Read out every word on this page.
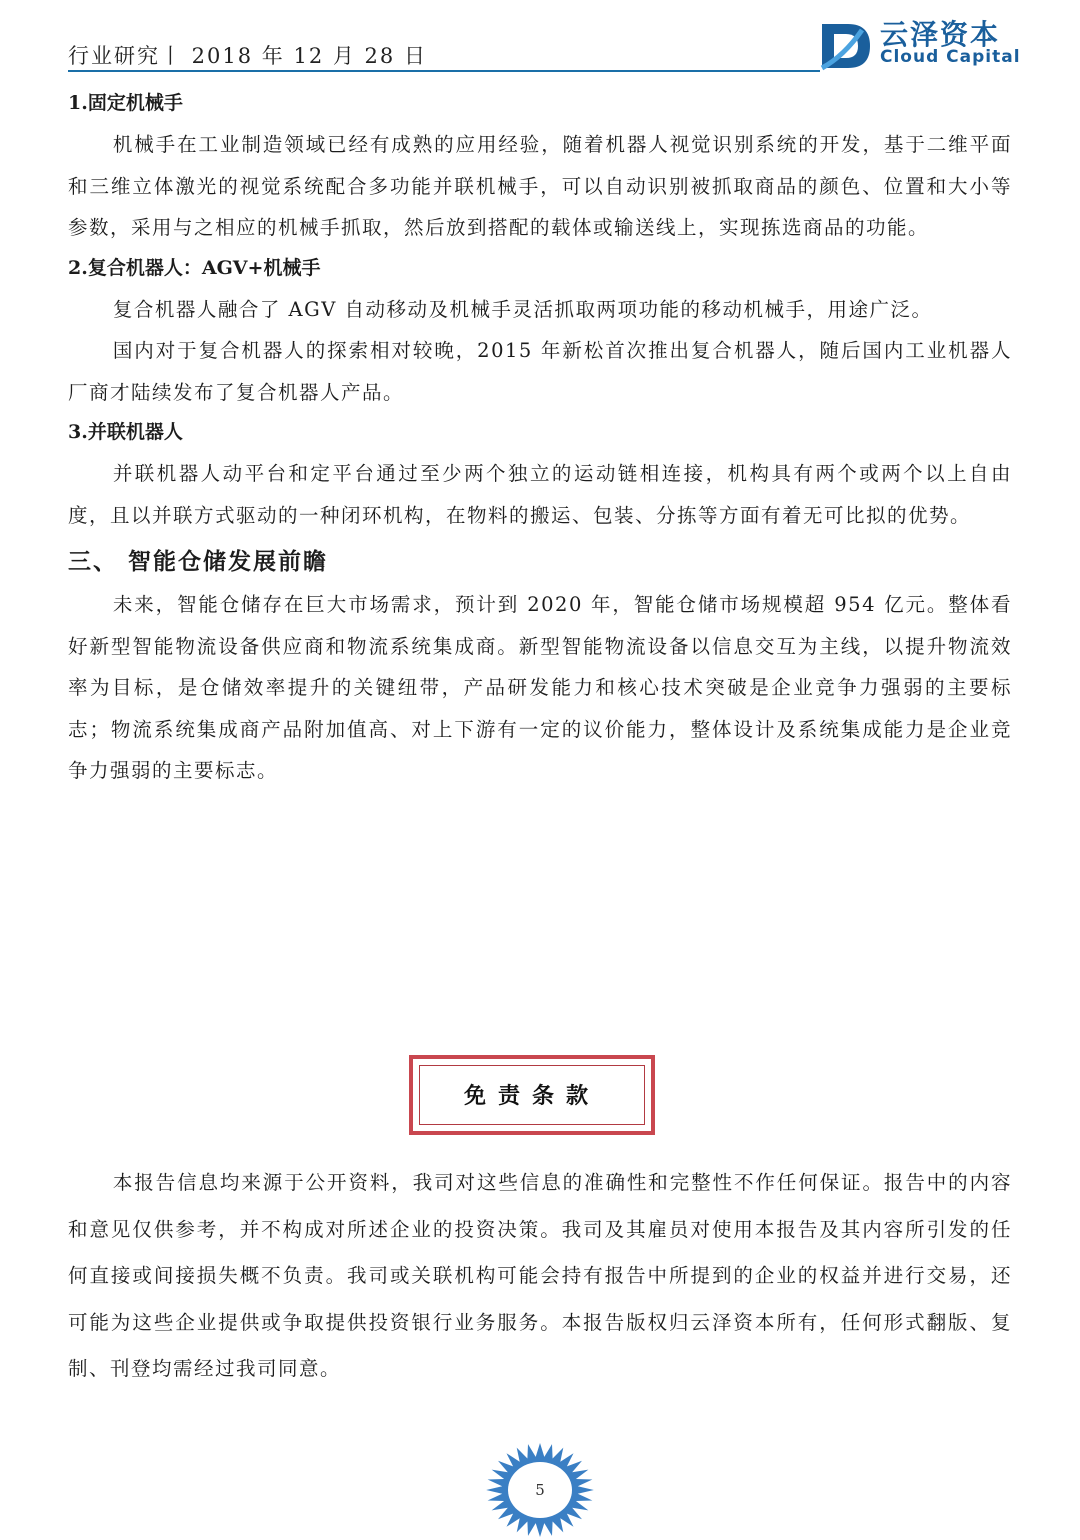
行业研究丨 2018 年 12 月 28 日
云泽资本
Cloud Capital

1.固定机械手

机械手在工业制造领域已经有成熟的应用经验，随着机器人视觉识别系统的开发，基于二维平面和三维立体激光的视觉系统配合多功能并联机械手，可以自动识别被抓取商品的颜色、位置和大小等参数，采用与之相应的机械手抓取，然后放到搭配的载体或输送线上，实现拣选商品的功能。

2.复合机器人：AGV+机械手

复合机器人融合了 AGV 自动移动及机械手灵活抓取两项功能的移动机械手，用途广泛。

国内对于复合机器人的探索相对较晚，2015 年新松首次推出复合机器人，随后国内工业机器人厂商才陆续发布了复合机器人产品。

3.并联机器人

并联机器人动平台和定平台通过至少两个独立的运动链相连接，机构具有两个或两个以上自由度，且以并联方式驱动的一种闭环机构，在物料的搬运、包装、分拣等方面有着无可比拟的优势。

三、 智能仓储发展前瞻

未来，智能仓储存在巨大市场需求，预计到 2020 年，智能仓储市场规模超 954 亿元。整体看好新型智能物流设备供应商和物流系统集成商。新型智能物流设备以信息交互为主线，以提升物流效率为目标，是仓储效率提升的关键纽带，产品研发能力和核心技术突破是企业竞争力强弱的主要标志；物流系统集成商产品附加值高、对上下游有一定的议价能力，整体设计及系统集成能力是企业竞争力强弱的主要标志。

免责条款

本报告信息均来源于公开资料，我司对这些信息的准确性和完整性不作任何保证。报告中的内容和意见仅供参考，并不构成对所述企业的投资决策。我司及其雇员对使用本报告及其内容所引发的任何直接或间接损失概不负责。我司或关联机构可能会持有报告中所提到的企业的权益并进行交易，还可能为这些企业提供或争取提供投资银行业务服务。本报告版权归云泽资本所有，任何形式翻版、复制、刊登均需经过我司同意。

5
